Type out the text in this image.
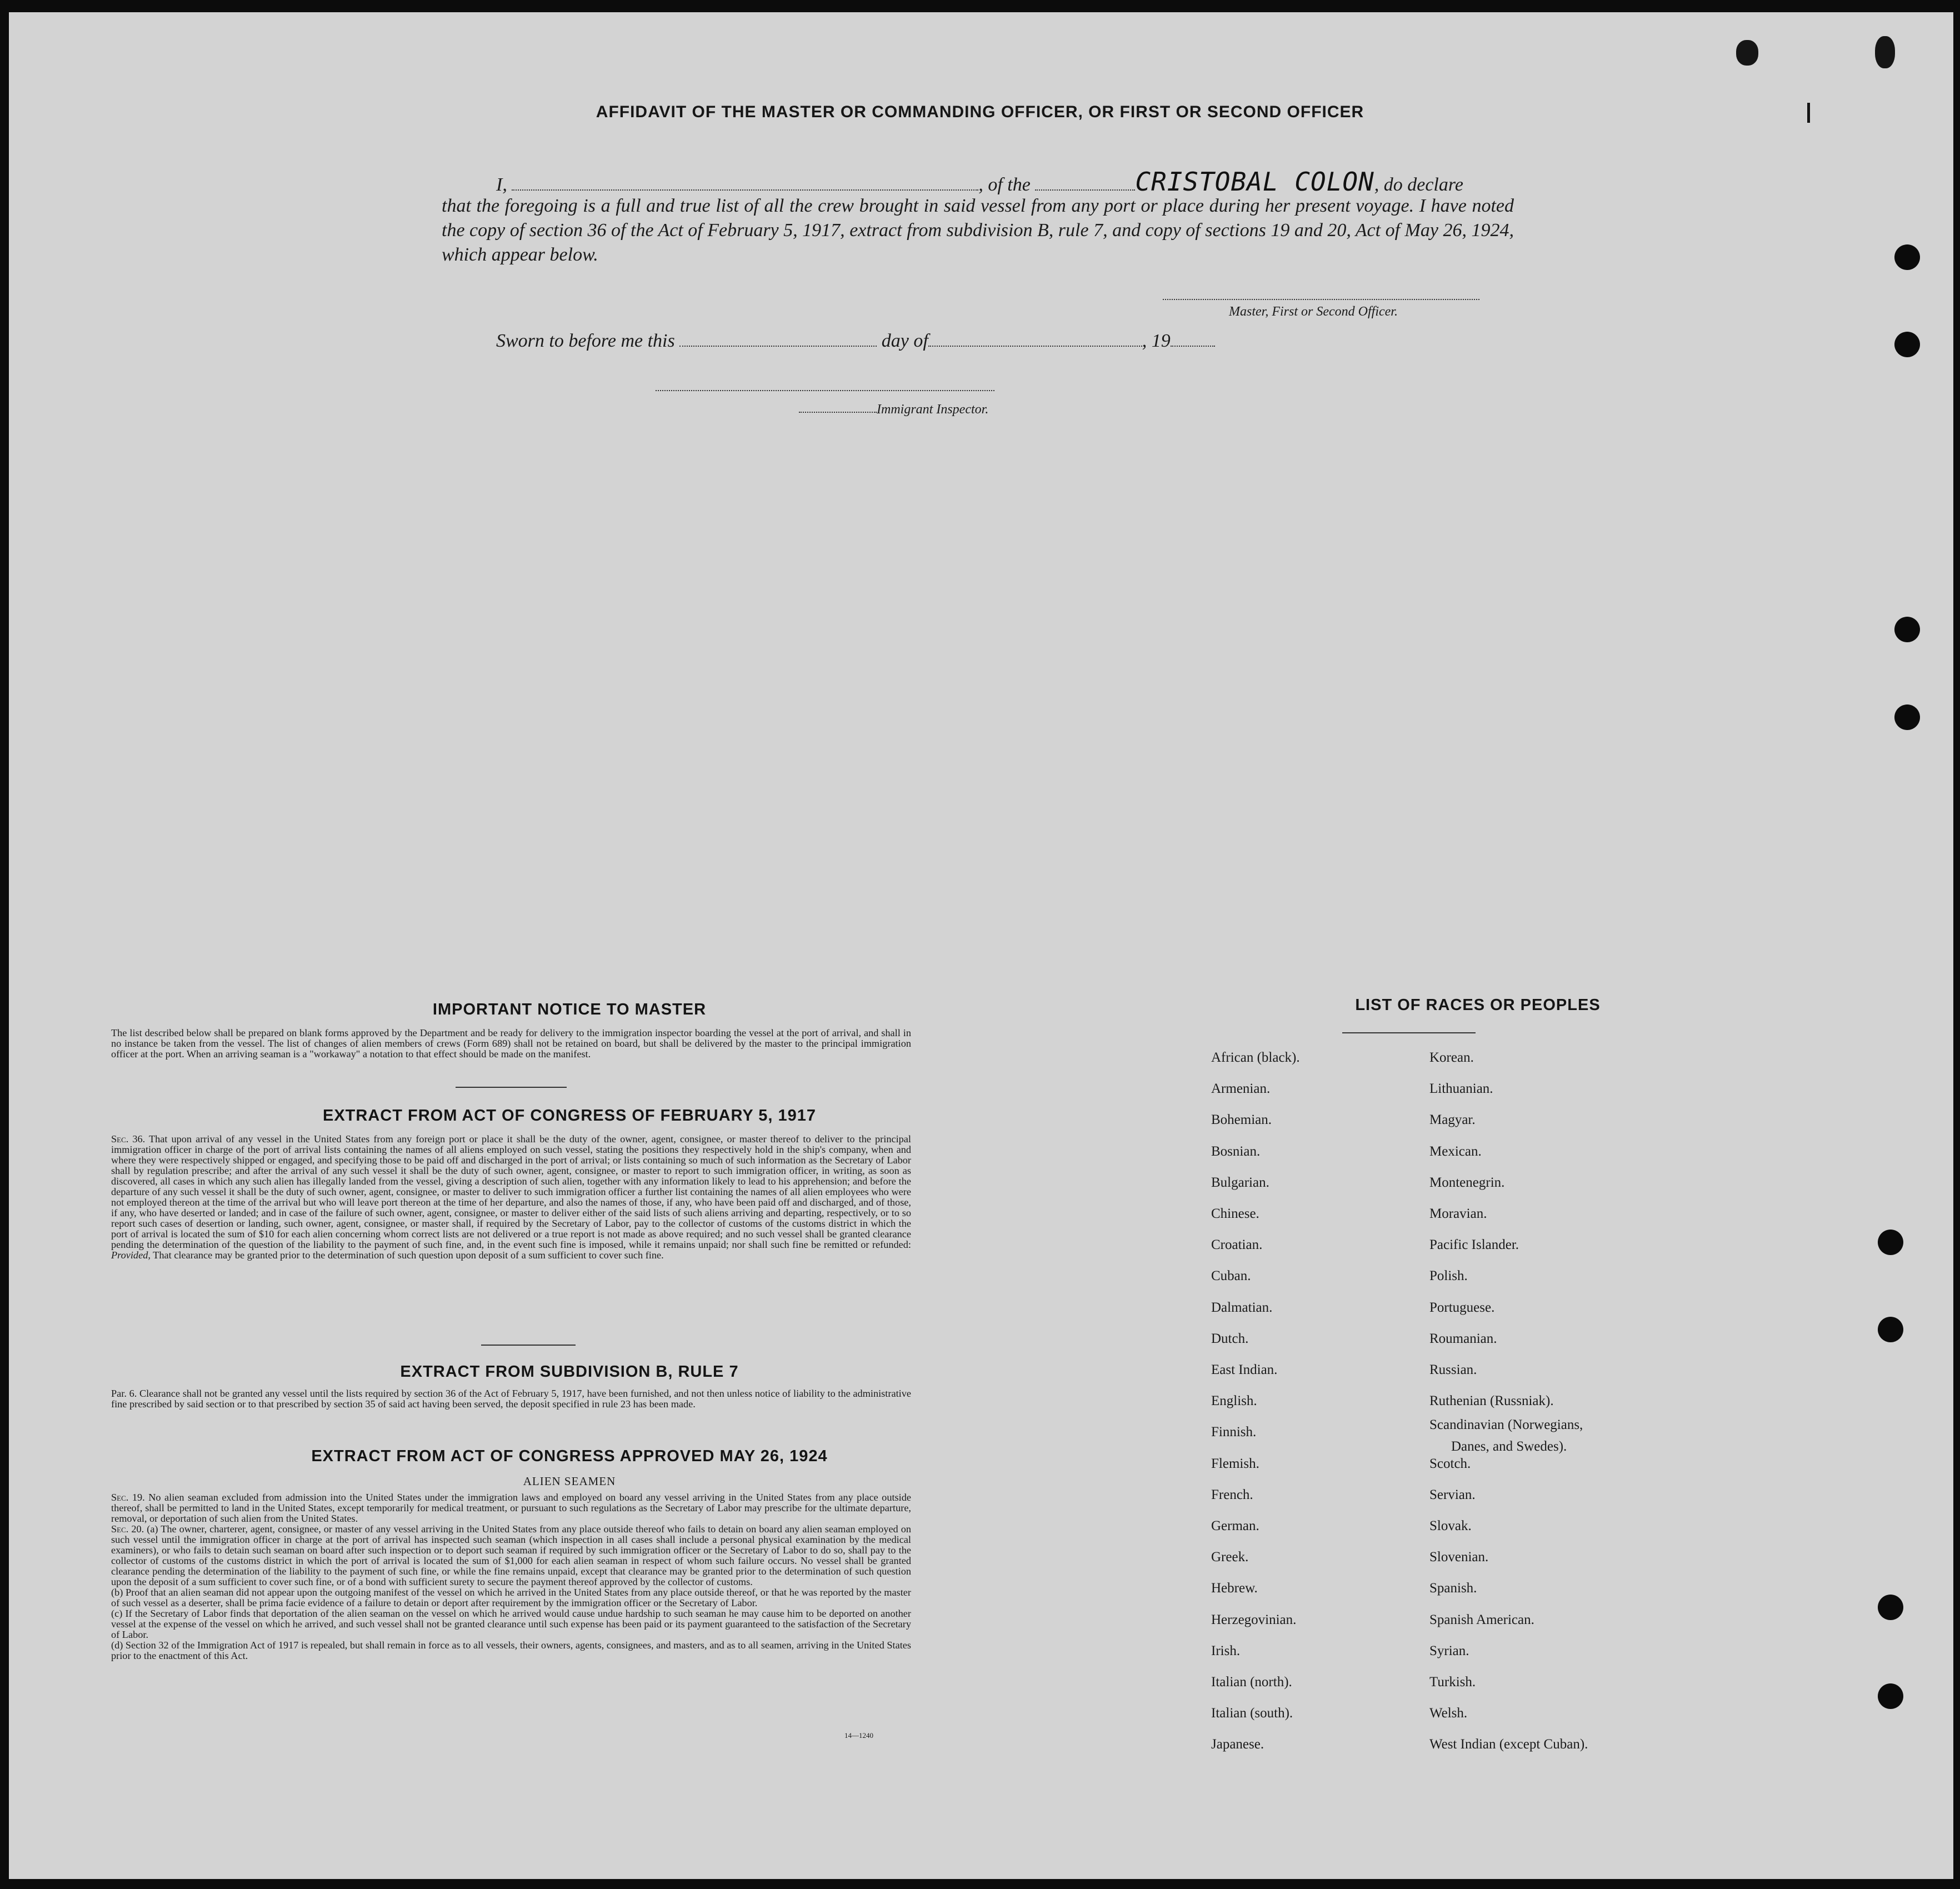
AFFIDAVIT OF THE MASTER OR COMMANDING OFFICER, OR FIRST OR SECOND OFFICER
I,	, of the	CRISTOBAL COLON, do declare
that the foregoing is a full and true list of all the crew brought in said vessel from any port or place during her present voyage. I have noted the copy of section 36 of the Act of February 5, 1917, extract from subdivision B, rule 7, and copy of sections 19 and 20, Act of May 26, 1924, which appear below.
Master, First or Second Officer.
Sworn to before me this	day of	, 19
Immigrant Inspector.
IMPORTANT NOTICE TO MASTER
The list described below shall be prepared on blank forms approved by the Department and be ready for delivery to the immigration inspector boarding the vessel at the port of arrival, and shall in no instance be taken from the vessel. The list of changes of alien members of crews (Form 689) shall not be retained on board, but shall be delivered by the master to the principal immigration officer at the port. When an arriving seaman is a "workaway" a notation to that effect should be made on the manifest.
EXTRACT FROM ACT OF CONGRESS OF FEBRUARY 5, 1917
Sec. 36. That upon arrival of any vessel in the United States from any foreign port or place it shall be the duty of the owner, agent, consignee, or master thereof to deliver to the principal immigration officer in charge of the port of arrival lists containing the names of all aliens employed on such vessel, stating the positions they respectively hold in the ship's company, when and where they were respectively shipped or engaged, and specifying those to be paid off and discharged in the port of arrival; or lists containing so much of such information as the Secretary of Labor shall by regulation prescribe; and after the arrival of any such vessel it shall be the duty of such owner, agent, consignee, or master to report to such immigration officer, in writing, as soon as discovered, all cases in which any such alien has illegally landed from the vessel, giving a description of such alien, together with any information likely to lead to his apprehension; and before the departure of any such vessel it shall be the duty of such owner, agent, consignee, or master to deliver to such immigration officer a further list containing the names of all alien employees who were not employed thereon at the time of the arrival but who will leave port thereon at the time of her departure, and also the names of those, if any, who have been paid off and discharged, and of those, if any, who have deserted or landed; and in case of the failure of such owner, agent, consignee, or master to deliver either of the said lists of such aliens arriving and departing, respectively, or to so report such cases of desertion or landing, such owner, agent, consignee, or master shall, if required by the Secretary of Labor, pay to the collector of customs of the customs district in which the port of arrival is located the sum of $10 for each alien concerning whom correct lists are not delivered or a true report is not made as above required; and no such vessel shall be granted clearance pending the determination of the question of the liability to the payment of such fine, and, in the event such fine is imposed, while it remains unpaid; nor shall such fine be remitted or refunded: Provided, That clearance may be granted prior to the determination of such question upon deposit of a sum sufficient to cover such fine.
EXTRACT FROM SUBDIVISION B, RULE 7
Par. 6. Clearance shall not be granted any vessel until the lists required by section 36 of the Act of February 5, 1917, have been furnished, and not then unless notice of liability to the administrative fine prescribed by said section or to that prescribed by section 35 of said act having been served, the deposit specified in rule 23 has been made.
EXTRACT FROM ACT OF CONGRESS APPROVED MAY 26, 1924
ALIEN SEAMEN
Sec. 19. No alien seaman excluded from admission into the United States under the immigration laws and employed on board any vessel arriving in the United States from any place outside thereof, shall be permitted to land in the United States, except temporarily for medical treatment, or pursuant to such regulations as the Secretary of Labor may prescribe for the ultimate departure, removal, or deportation of such alien from the United States.
Sec. 20. (a) The owner, charterer, agent, consignee, or master of any vessel arriving in the United States from any place outside thereof who fails to detain on board any alien seaman employed on such vessel until the immigration officer in charge at the port of arrival has inspected such seaman (which inspection in all cases shall include a personal physical examination by the medical examiners), or who fails to detain such seaman on board after such inspection or to deport such seaman if required by such immigration officer or the Secretary of Labor to do so, shall pay to the collector of customs of the customs district in which the port of arrival is located the sum of $1,000 for each alien seaman in respect of whom such failure occurs. No vessel shall be granted clearance pending the determination of the liability to the payment of such fine, or while the fine remains unpaid, except that clearance may be granted prior to the determination of such question upon the deposit of a sum sufficient to cover such fine, or of a bond with sufficient surety to secure the payment thereof approved by the collector of customs.
(b) Proof that an alien seaman did not appear upon the outgoing manifest of the vessel on which he arrived in the United States from any place outside thereof, or that he was reported by the master of such vessel as a deserter, shall be prima facie evidence of a failure to detain or deport after requirement by the immigration officer or the Secretary of Labor.
(c) If the Secretary of Labor finds that deportation of the alien seaman on the vessel on which he arrived would cause undue hardship to such seaman he may cause him to be deported on another vessel at the expense of the vessel on which he arrived, and such vessel shall not be granted clearance until such expense has been paid or its payment guaranteed to the satisfaction of the Secretary of Labor.
(d) Section 32 of the Immigration Act of 1917 is repealed, but shall remain in force as to all vessels, their owners, agents, consignees, and masters, and as to all seamen, arriving in the United States prior to the enactment of this Act.
14—1240
LIST OF RACES OR PEOPLES
African (black).
Armenian.
Bohemian.
Bosnian.
Bulgarian.
Chinese.
Croatian.
Cuban.
Dalmatian.
Dutch.
East Indian.
English.
Finnish.
Flemish.
French.
German.
Greek.
Hebrew.
Herzegovinian.
Irish.
Italian (north).
Italian (south).
Japanese.
Korean.
Lithuanian.
Magyar.
Mexican.
Montenegrin.
Moravian.
Pacific Islander.
Polish.
Portuguese.
Roumanian.
Russian.
Ruthenian (Russniak).
Scandinavian (Norwegians,
Danes, and Swedes).
Scotch.
Servian.
Slovak.
Slovenian.
Spanish.
Spanish American.
Syrian.
Turkish.
Welsh.
West Indian (except Cuban).
